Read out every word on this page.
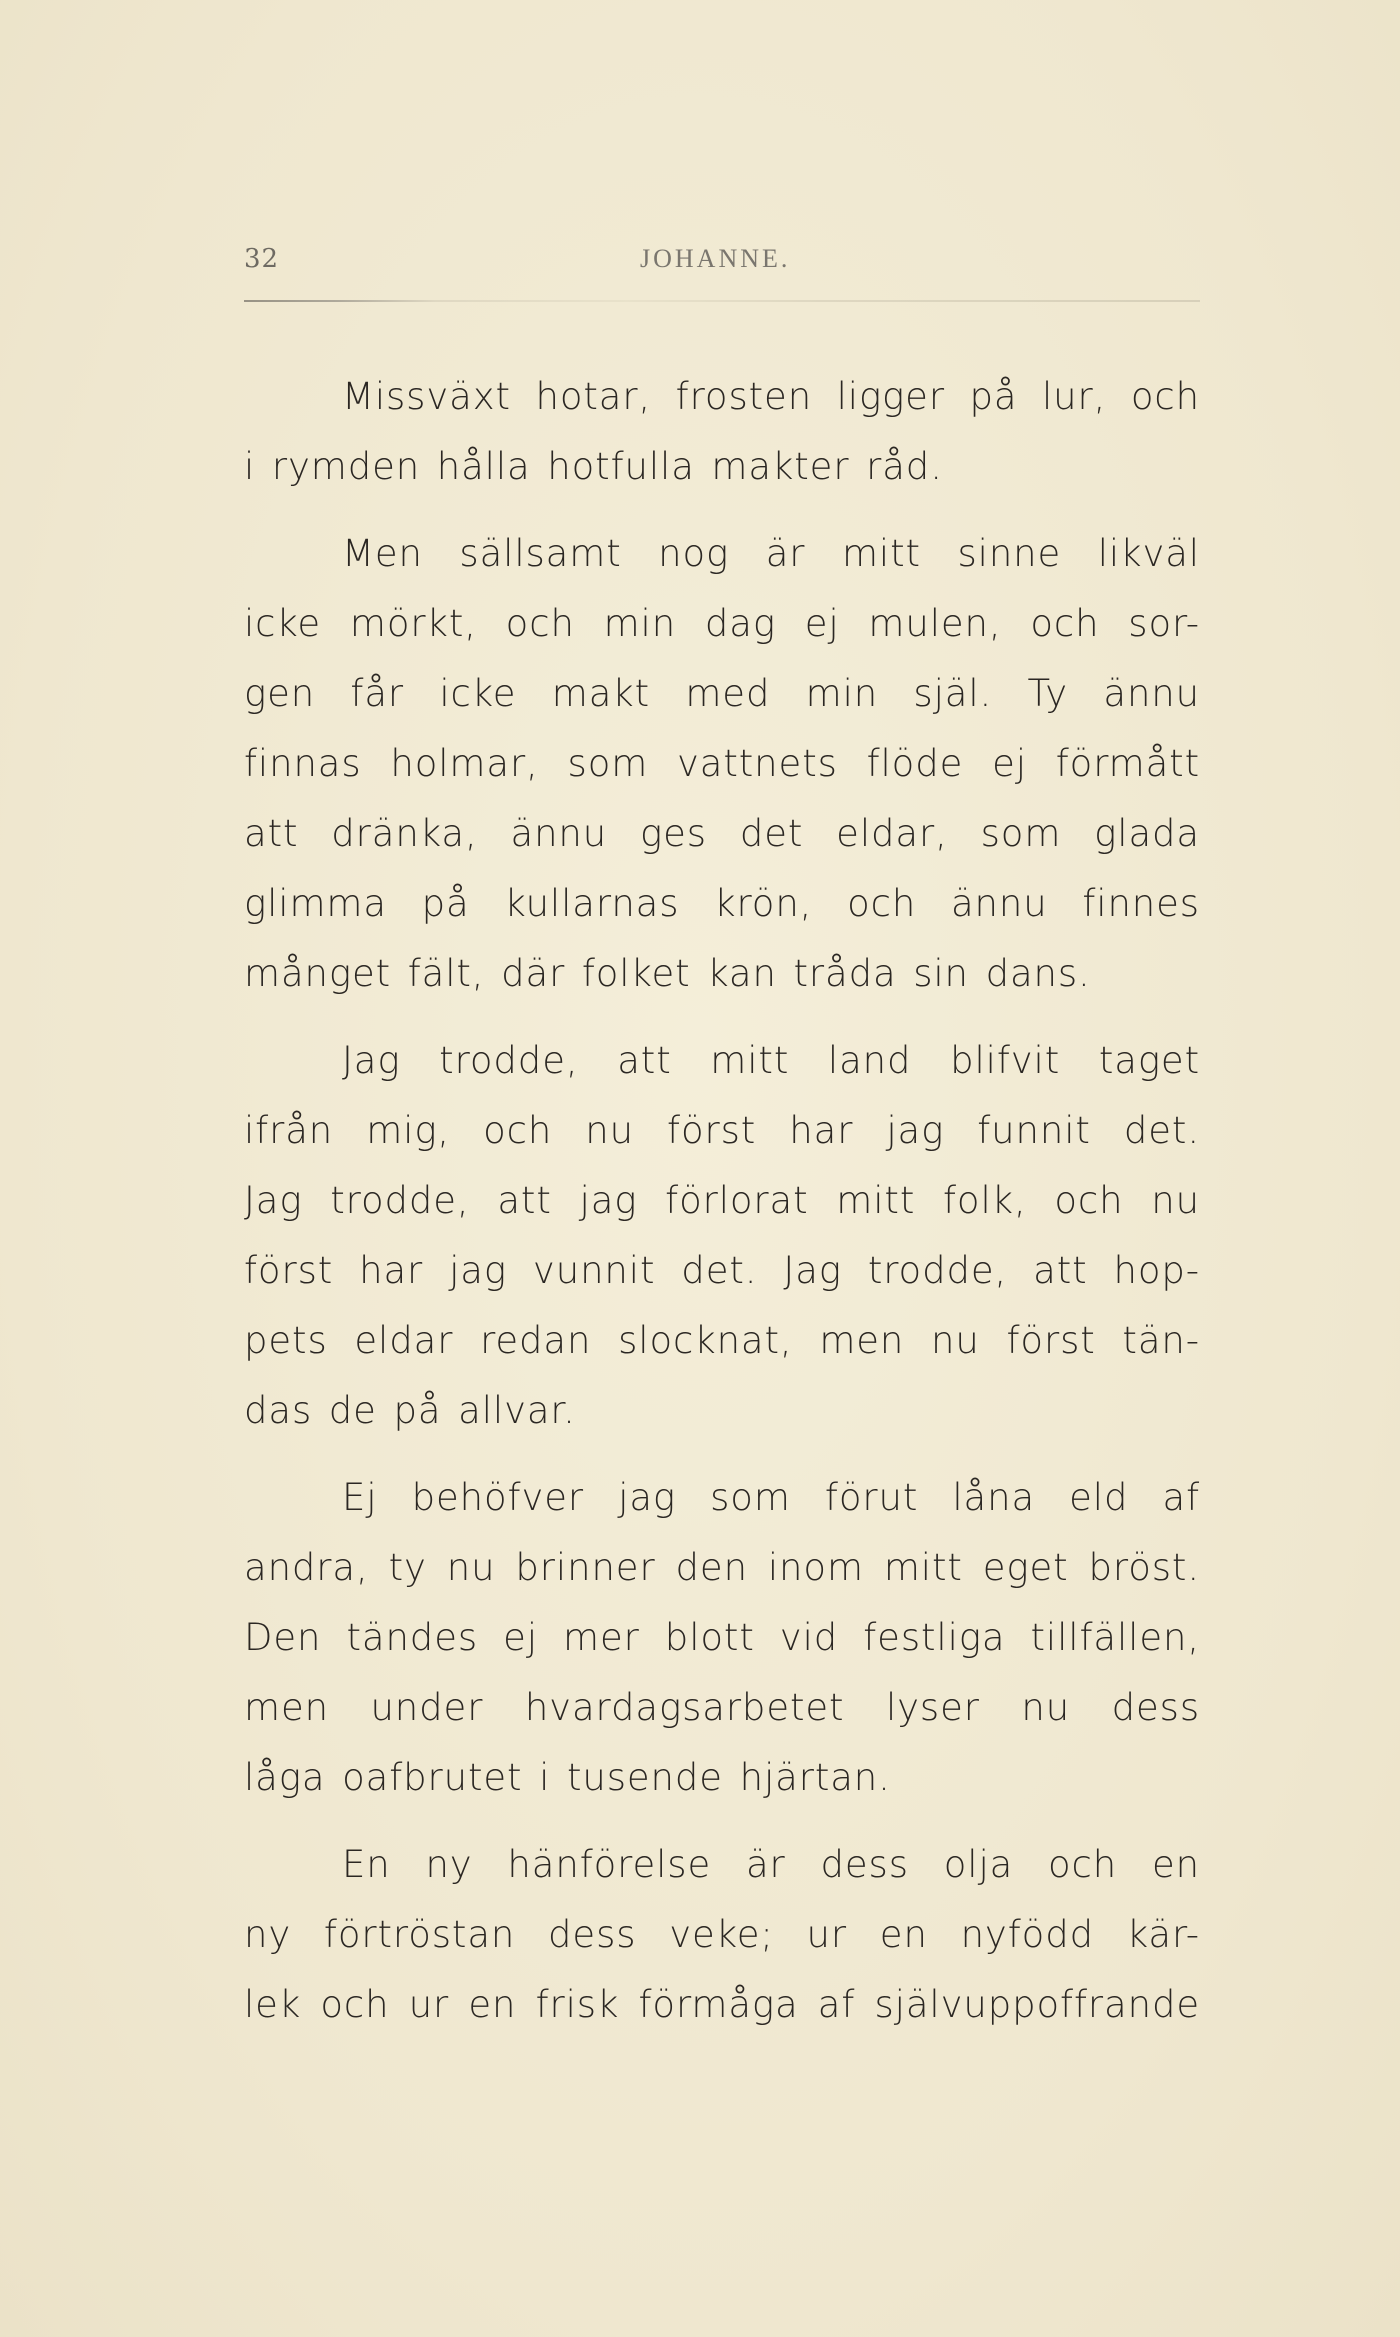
32	JOHANNE.
Missväxt hotar, frosten ligger på lur, och
i rymden hålla hotfulla makter råd.
Men sällsamt nog är mitt sinne likväl
icke mörkt, och min dag ej mulen, och sor-
gen får icke makt med min själ. Ty ännu
finnas holmar, som vattnets flöde ej förmått
att dränka, ännu ges det eldar, som glada
glimma på kullarnas krön, och ännu finnes
månget fält, där folket kan tråda sin dans.
Jag trodde, att mitt land blifvit taget
ifrån mig, och nu först har jag funnit det.
Jag trodde, att jag förlorat mitt folk, och nu
först har jag vunnit det. Jag trodde, att hop-
pets eldar redan slocknat, men nu först tän-
das de på allvar.
Ej behöfver jag som förut låna eld af
andra, ty nu brinner den inom mitt eget bröst.
Den tändes ej mer blott vid festliga tillfällen,
men under hvardagsarbetet lyser nu dess
låga oafbrutet i tusende hjärtan.
En ny hänförelse är dess olja och en
ny förtröstan dess veke; ur en nyfödd kär-
lek och ur en frisk förmåga af självuppoffrande
